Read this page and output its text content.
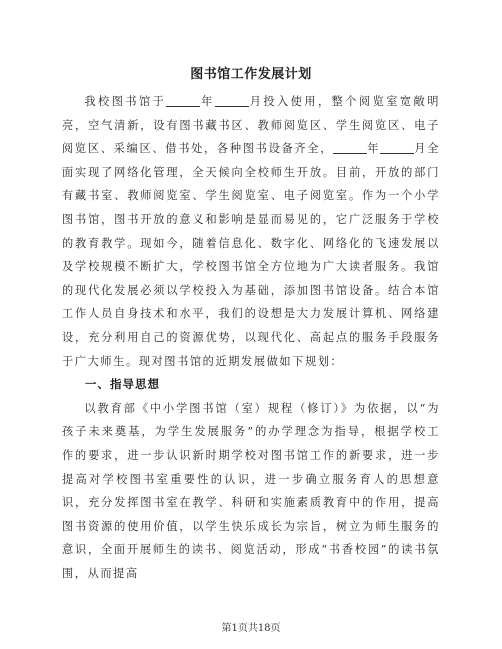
图书馆工作发展计划

我校图书馆于	年	月投入使用，整个阅览室宽敞明亮，空气清新，设有图书藏书区、教师阅览区、学生阅览区、电子阅览区、采编区、借书处，各种图书设备齐全，	年	月全面实现了网络化管理，全天候向全校师生开放。目前，开放的部门有藏书室、教师阅览室、学生阅览室、电子阅览室。作为一个小学图书馆，图书开放的意义和影响是显而易见的，它广泛服务于学校的教育教学。现如今，随着信息化、数字化、网络化的飞速发展以及学校规模不断扩大，学校图书馆全方位地为广大读者服务。我馆的现代化发展必须以学校投入为基础，添加图书馆设备。结合本馆工作人员自身技术和水平，我们的设想是大力发展计算机、网络建设，充分利用自己的资源优势，以现代化、高起点的服务手段服务于广大师生。现对图书馆的近期发展做如下规划：

一、指导思想

以教育部《中小学图书馆（室）规程（修订）》为依据，以“为孩子未来奠基，为学生发展服务”的办学理念为指导，根据学校工作的要求，进一步认识新时期学校对图书馆工作的新要求，进一步提高对学校图书室重要性的认识，进一步确立服务育人的思想意识，充分发挥图书室在教学、科研和实施素质教育中的作用，提高图书资源的使用价值，以学生快乐成长为宗旨，树立为师生服务的意识，全面开展师生的读书、阅览活动，形成“书香校园”的读书氛围，从而提高

第1页共18页
